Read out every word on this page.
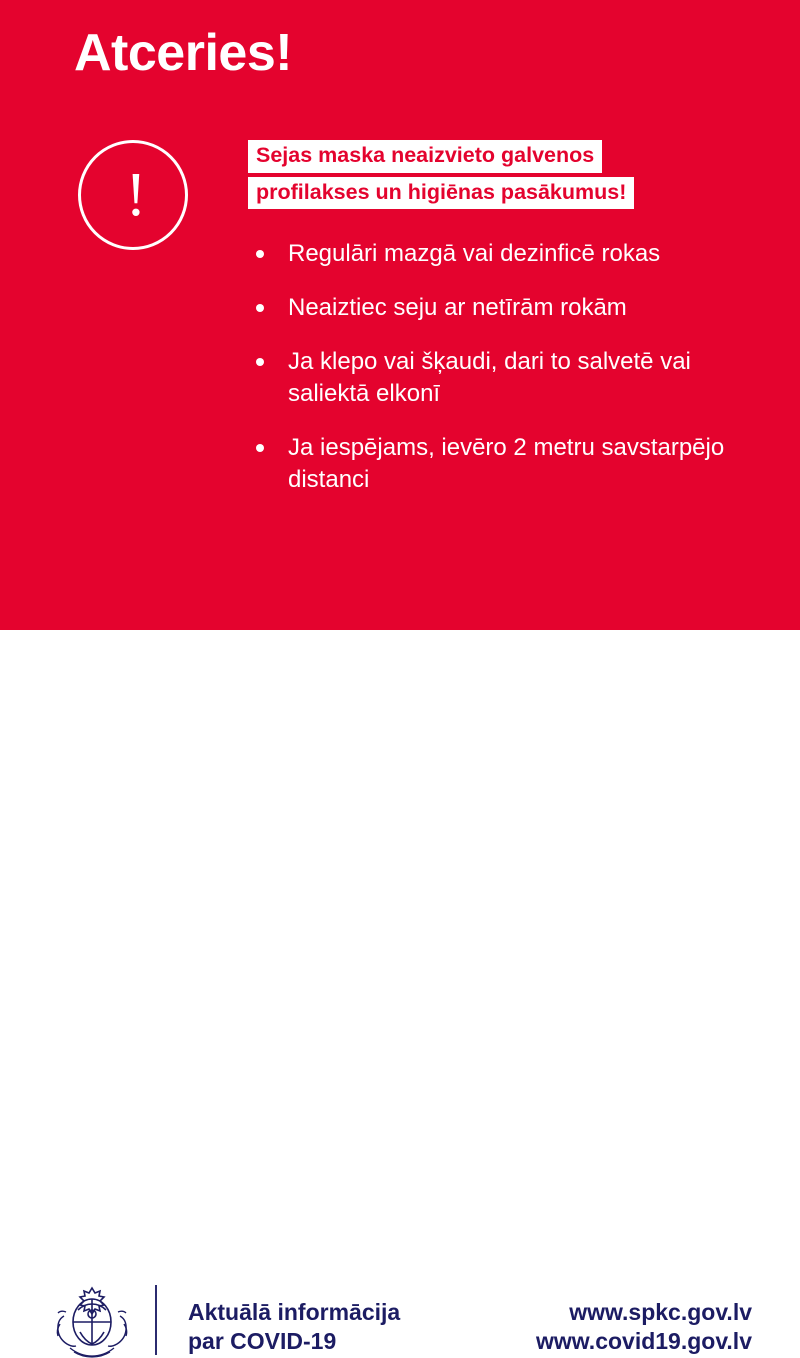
Atceries!
!
Sejas maska neaizvieto galvenos
profilakses un higiēnas pasākumus!
Regulāri mazgā vai dezinficē rokas
Neaiztiec seju ar netīrām rokām
Ja klepo vai šķaudi, dari to salvetē vai saliektā elkonī
Ja iespējams, ievēro 2 metru savstarpējo distanci
Aktuālā informācija
par COVID-19
www.spkc.gov.lv
www.covid19.gov.lv
